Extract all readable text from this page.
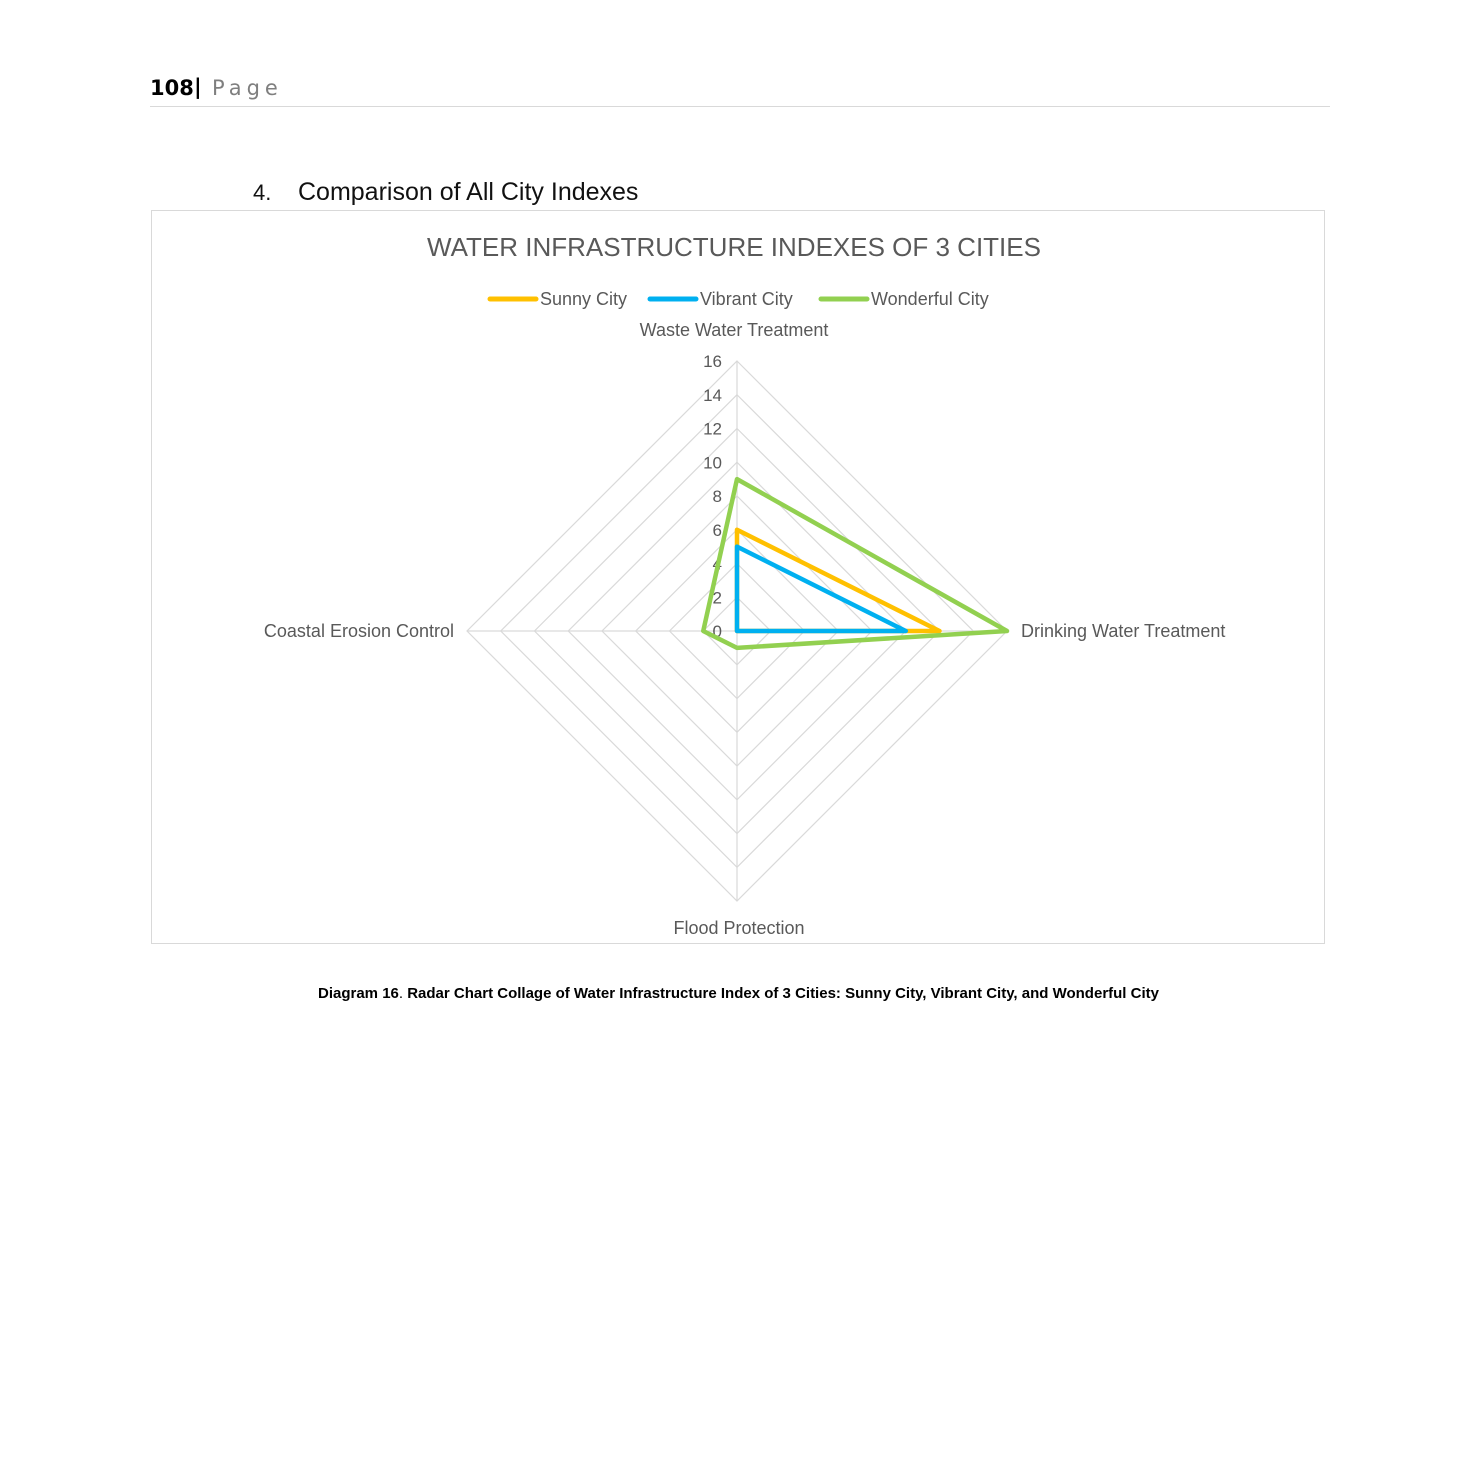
108 | Page
4. Comparison of All City Indexes
WATER INFRASTRUCTURE INDEXES OF 3 CITIES
Sunny City	Vibrant City	Wonderful City
0
2
4
6
8
10
12
14
16
Waste Water Treatment
Drinking Water Treatment
Flood Protection
Coastal Erosion Control
Diagram 16. Radar Chart Collage of Water Infrastructure Index of 3 Cities: Sunny City, Vibrant City, and Wonderful City
